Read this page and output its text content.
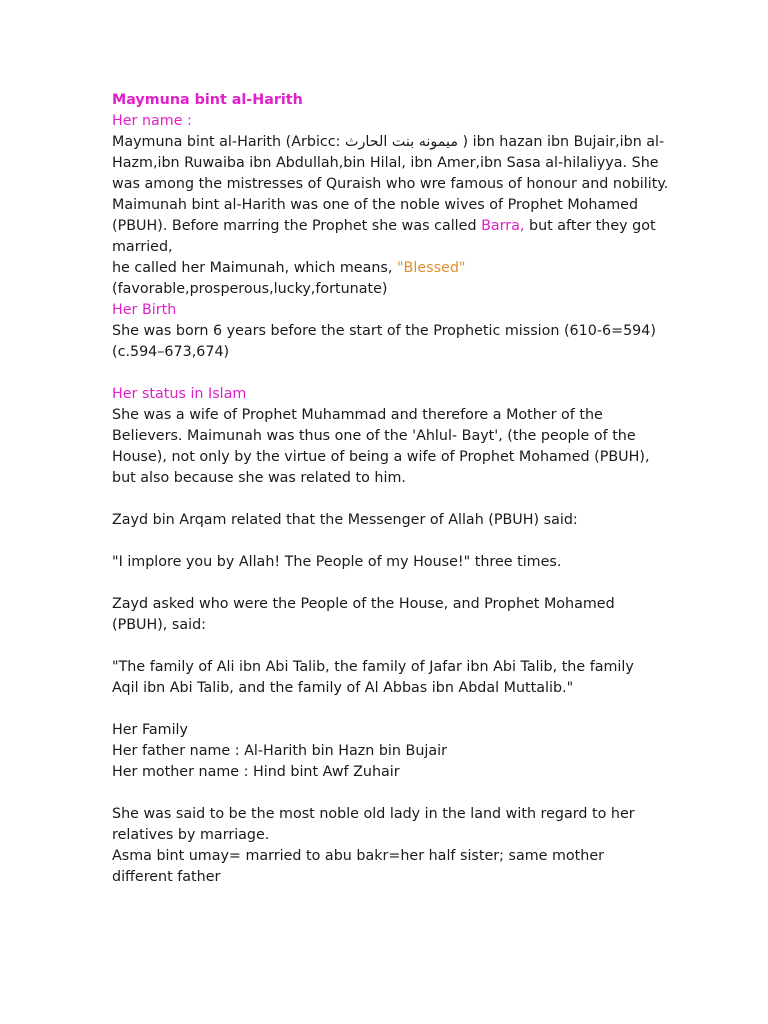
Maymuna bint al-Harith
Her name :
Maymuna bint al-Harith (Arbicc: ميمونه بنت الحارث ) ibn hazan ibn Bujair,ibn al-
Hazm,ibn Ruwaiba ibn Abdullah,bin Hilal, ibn Amer,ibn Sasa al-hilaliyya. She
was among the mistresses of Quraish who wre famous of honour and nobility.
Maimunah bint al-Harith was one of the noble wives of Prophet Mohamed
(PBUH). Before marring the Prophet she was called Barra, but after they got
married,
he called her Maimunah, which means, "Blessed"
(favorable,prosperous,lucky,fortunate)
Her Birth
She was born 6 years before the start of the Prophetic mission (610-6=594)
(c.594–673,674)
Her status in Islam
She was a wife of Prophet Muhammad and therefore a Mother of the
Believers. Maimunah was thus one of the 'Ahlul- Bayt', (the people of the
House), not only by the virtue of being a wife of Prophet Mohamed (PBUH),
but also because she was related to him.
Zayd bin Arqam related that the Messenger of Allah (PBUH) said:
"I implore you by Allah! The People of my House!" three times.
Zayd asked who were the People of the House, and Prophet Mohamed
(PBUH), said:
"The family of Ali ibn Abi Talib, the family of Jafar ibn Abi Talib, the family
Aqil ibn Abi Talib, and the family of Al Abbas ibn Abdal Muttalib."
Her Family
Her father name : Al-Harith bin Hazn bin Bujair
Her mother name : Hind bint Awf Zuhair
She was said to be the most noble old lady in the land with regard to her
relatives by marriage.
Asma bint umay= married to abu bakr=her half sister; same mother
different father
